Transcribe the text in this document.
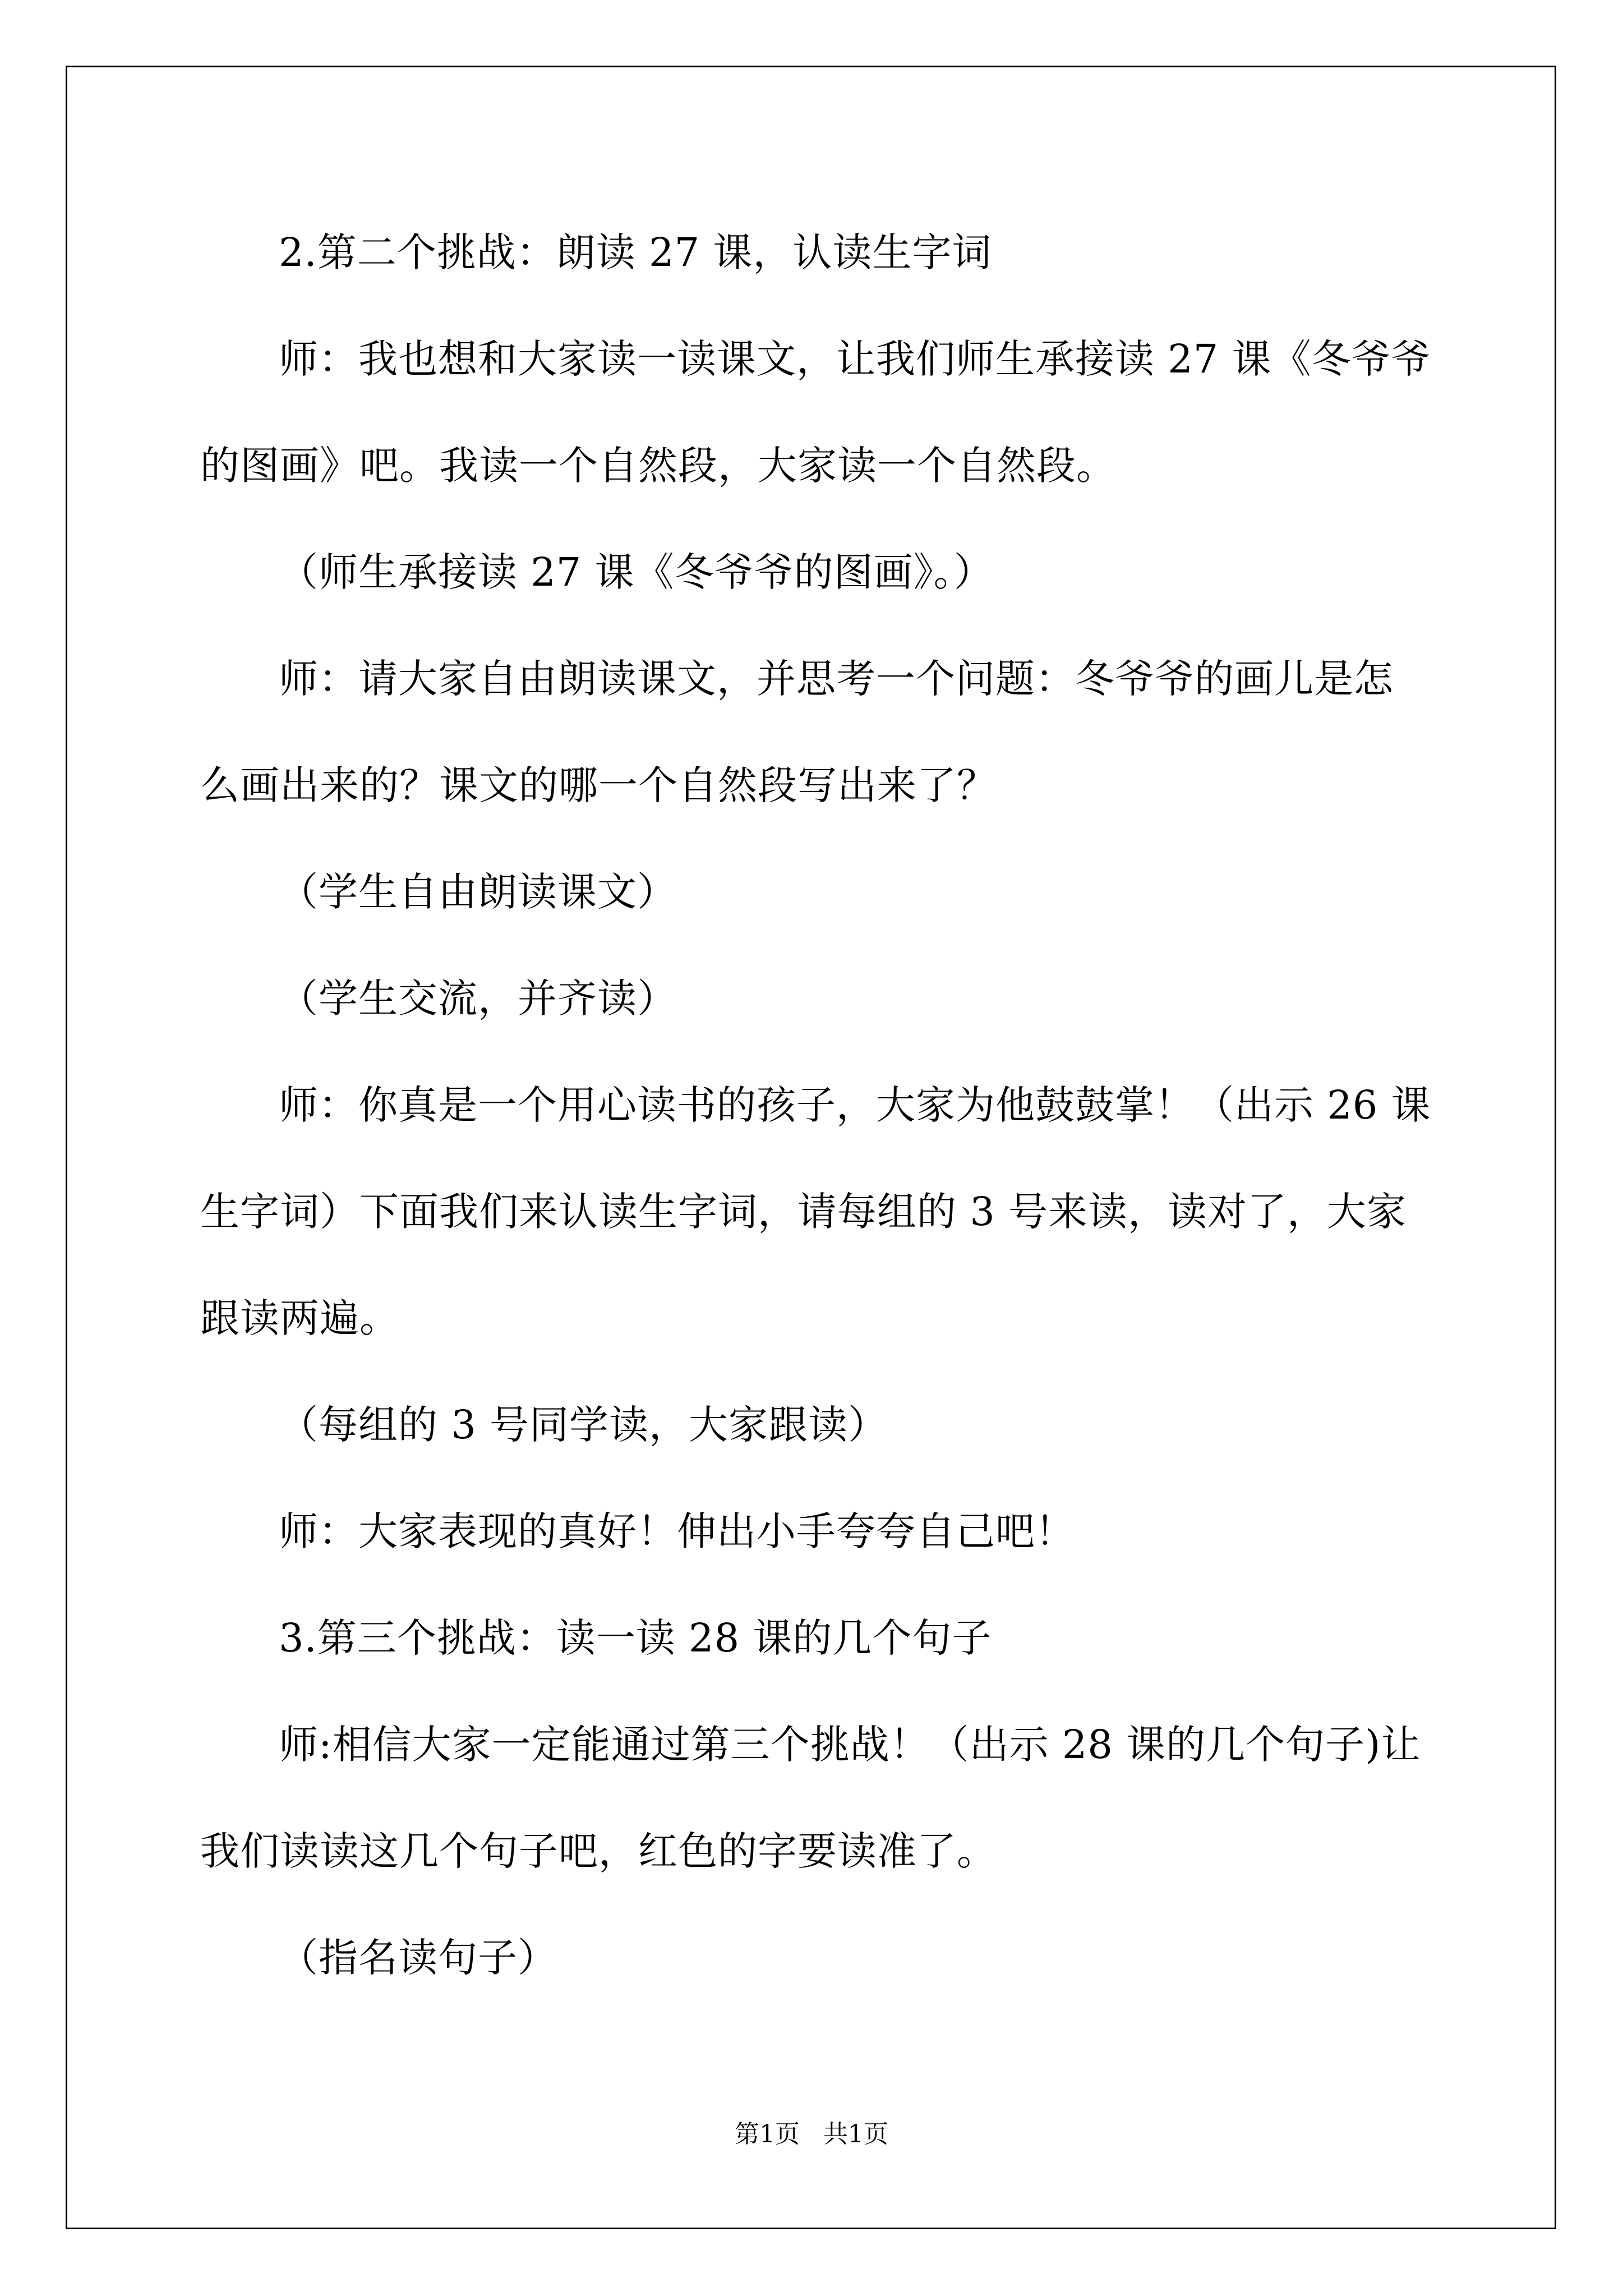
2.第二个挑战：朗读 27 课，认读生字词
师：我也想和大家读一读课文，让我们师生承接读 27 课《冬爷爷
的图画》吧。我读一个自然段，大家读一个自然段。
（师生承接读 27 课《冬爷爷的图画》。）
师：请大家自由朗读课文，并思考一个问题：冬爷爷的画儿是怎
么画出来的？课文的哪一个自然段写出来了？
（学生自由朗读课文）
（学生交流，并齐读）
师：你真是一个用心读书的孩子，大家为他鼓鼓掌！（出示 26 课
生字词）下面我们来认读生字词，请每组的 3 号来读，读对了，大家
跟读两遍。
（每组的 3 号同学读，大家跟读）
师：大家表现的真好！伸出小手夸夸自己吧！
3.第三个挑战：读一读 28 课的几个句子
师:相信大家一定能通过第三个挑战！（出示 28 课的几个句子)让
我们读读这几个句子吧，红色的字要读准了。
（指名读句子）
第1页   共1页
